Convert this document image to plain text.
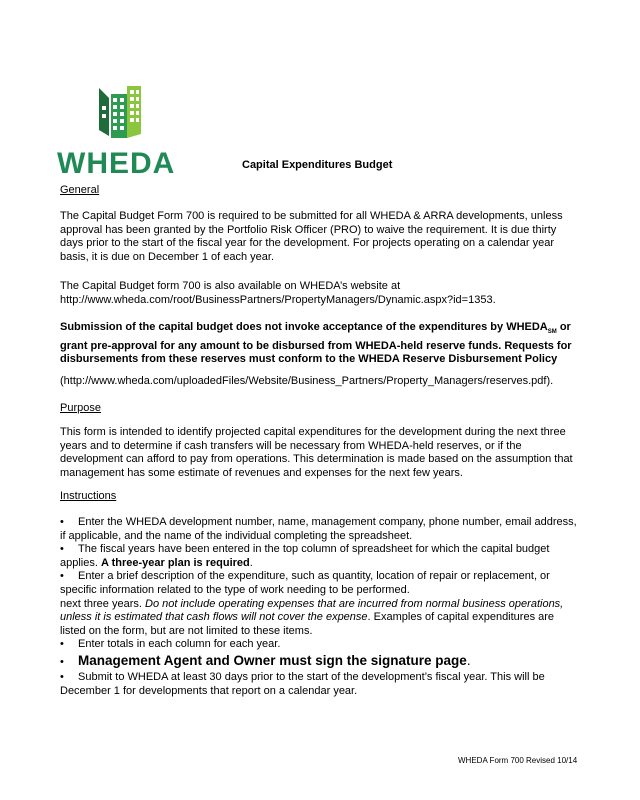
WHEDA	Capital Expenditures Budget
General

The Capital Budget Form 700 is required to be submitted for all WHEDA & ARRA developments, unless approval has been granted by the Portfolio Risk Officer (PRO) to waive the requirement. It is due thirty days prior to the start of the fiscal year for the development. For projects operating on a calendar year basis, it is due on December 1 of each year.

The Capital Budget form 700 is also available on WHEDA’s website at

http://www.wheda.com/root/BusinessPartners/PropertyManagers/Dynamic.aspx?id=1353.

Submission of the capital budget does not invoke acceptance of the expenditures by $WHEDA_{SM}$ or grant pre-approval for any amount to be disbursed from WHEDA-held reserve funds. Requests for disbursements from these reserves must conform to the WHEDA Reserve Disbursement Policy

(http://www.wheda.com/uploadedFiles/Website/Business_Partners/Property_Managers/reserves.pdf).

Purpose

This form is intended to identify projected capital expenditures for the development during the next three years and to determine if cash transfers will be necessary from WHEDA-held reserves, or if the development can afford to pay from operations. This determination is made based on the assumption that management has some estimate of revenues and expenses for the next few years.

Instructions

• Enter the WHEDA development number, name, management company, phone number, email address, if applicable, and the name of the individual completing the spreadsheet.

• The fiscal years have been entered in the top column of spreadsheet for which the capital budget applies. A three-year plan is required.

• Enter a brief description of the expenditure, such as quantity, location of repair or replacement, or specific information related to the type of work needing to be performed.

next three years. Do not include operating expenses that are incurred from normal business operations, unless it is estimated that cash flows will not cover the expense. Examples of capital expenditures are listed on the form, but are not limited to these items.

• Enter totals in each column for each year.

• Management Agent and Owner must sign the signature page.

• Submit to WHEDA at least 30 days prior to the start of the development’s fiscal year. This will be December 1 for developments that report on a calendar year.

WHEDA Form 700 Revised 10/14
